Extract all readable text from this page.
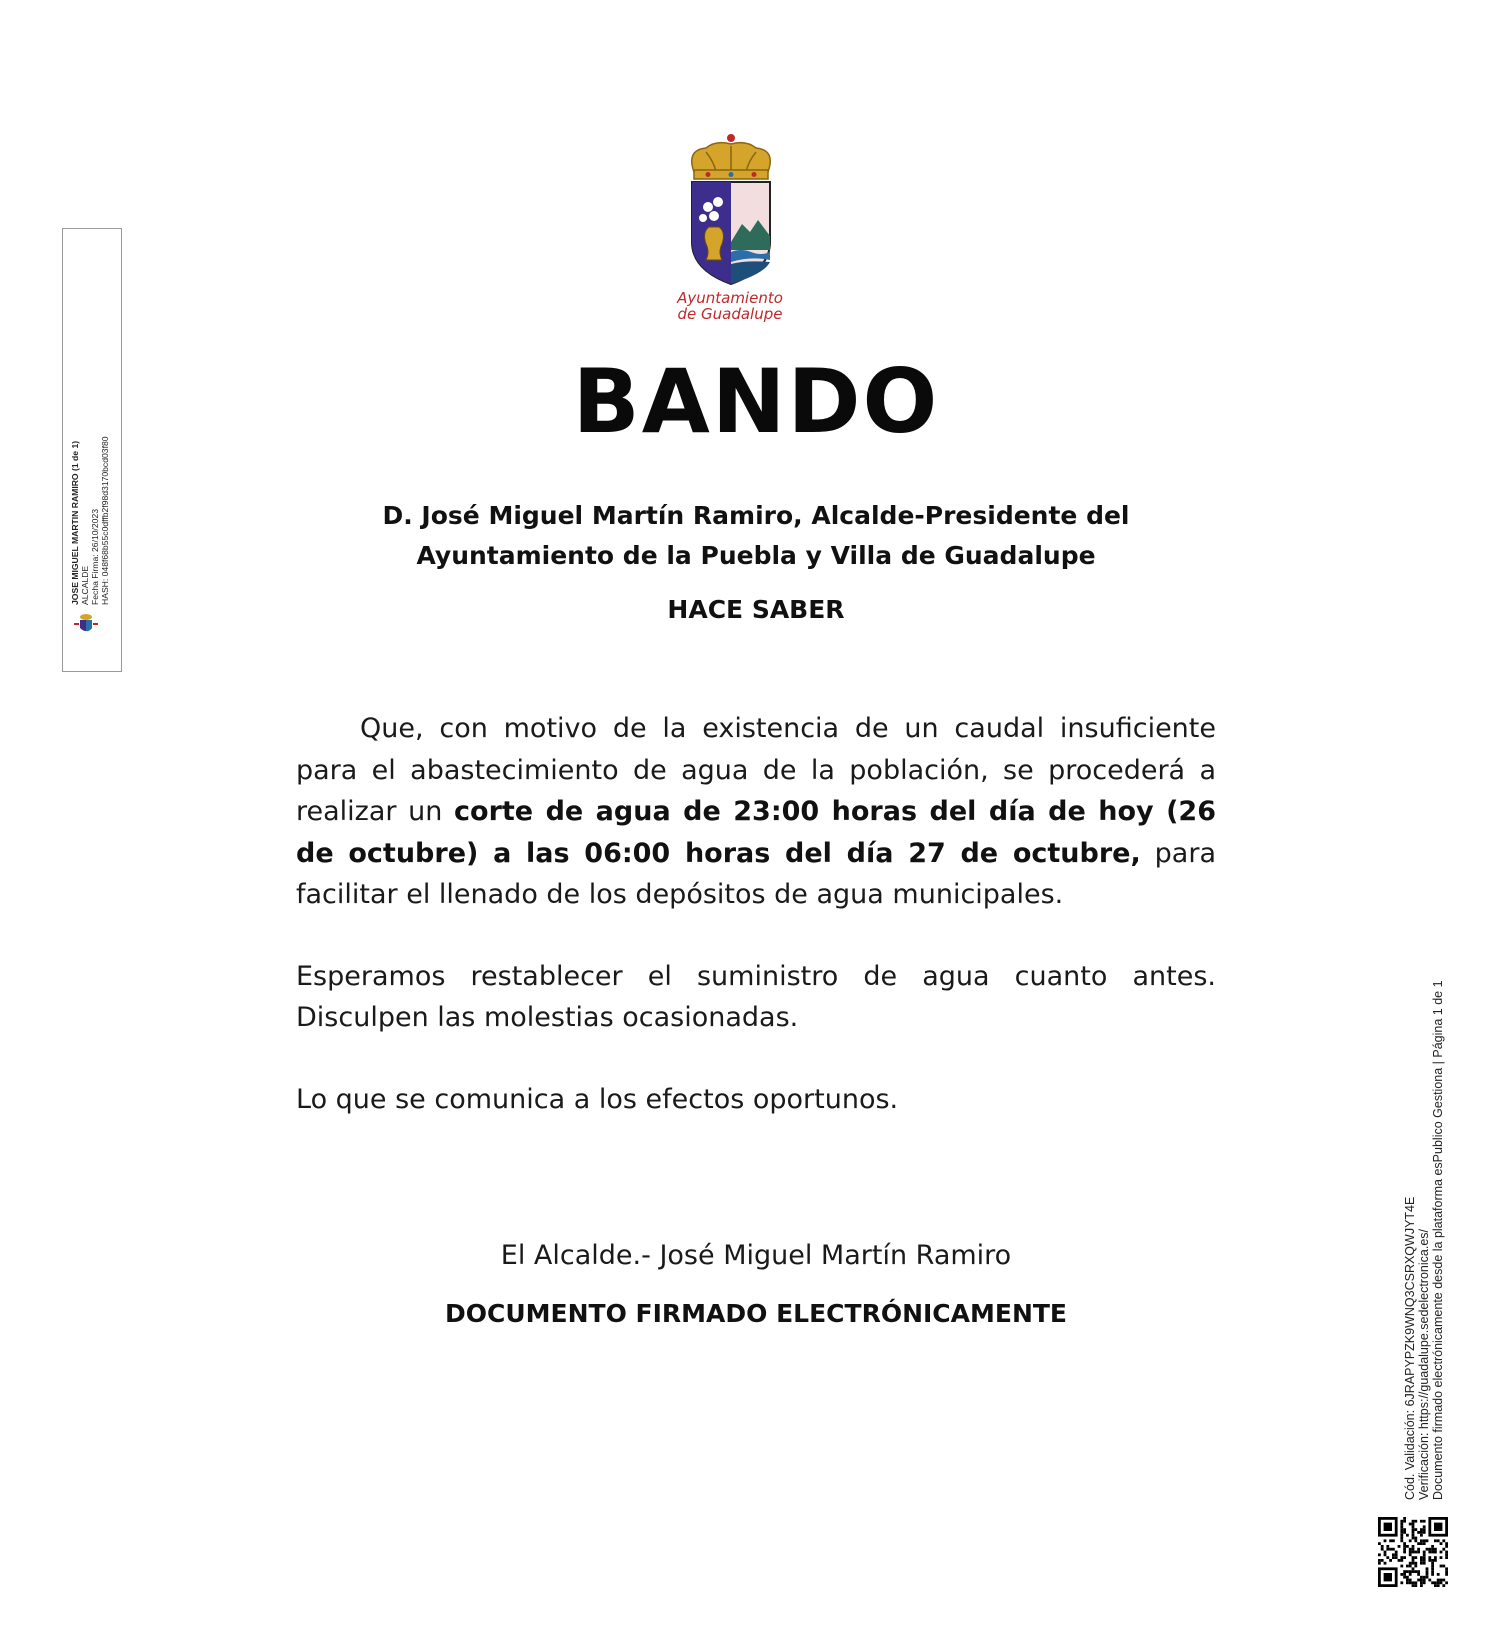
JOSE MIGUEL MARTIN RAMIRO (1 de 1) ALCALDE Fecha Firma: 26/10/2023 HASH: 048f68b55c0dffb2f98d3170bcd03f80
Ayuntamiento
de Guadalupe
BANDO
D. José Miguel Martín Ramiro, Alcalde-Presidente del
Ayuntamiento de la Puebla y Villa de Guadalupe
HACE SABER

Que, con motivo de la existencia de un caudal insuficiente para el abastecimiento de agua de la población, se procederá a realizar un corte de agua de 23:00 horas del día de hoy (26 de octubre) a las 06:00 horas del día 27 de octubre, para facilitar el llenado de los depósitos de agua municipales.

Esperamos restablecer el suministro de agua cuanto antes. Disculpen las molestias ocasionadas.

Lo que se comunica a los efectos oportunos.

El Alcalde.- José Miguel Martín Ramiro
DOCUMENTO FIRMADO ELECTRÓNICAMENTE	Cód. Validación: 6JRAPYPZK9WNQ3CSRXQWJYT4E Verificación: https://guadalupe.sedelectronica.es/ Documento firmado electrónicamente desde la plataforma esPublico Gestiona | Página 1 de 1
